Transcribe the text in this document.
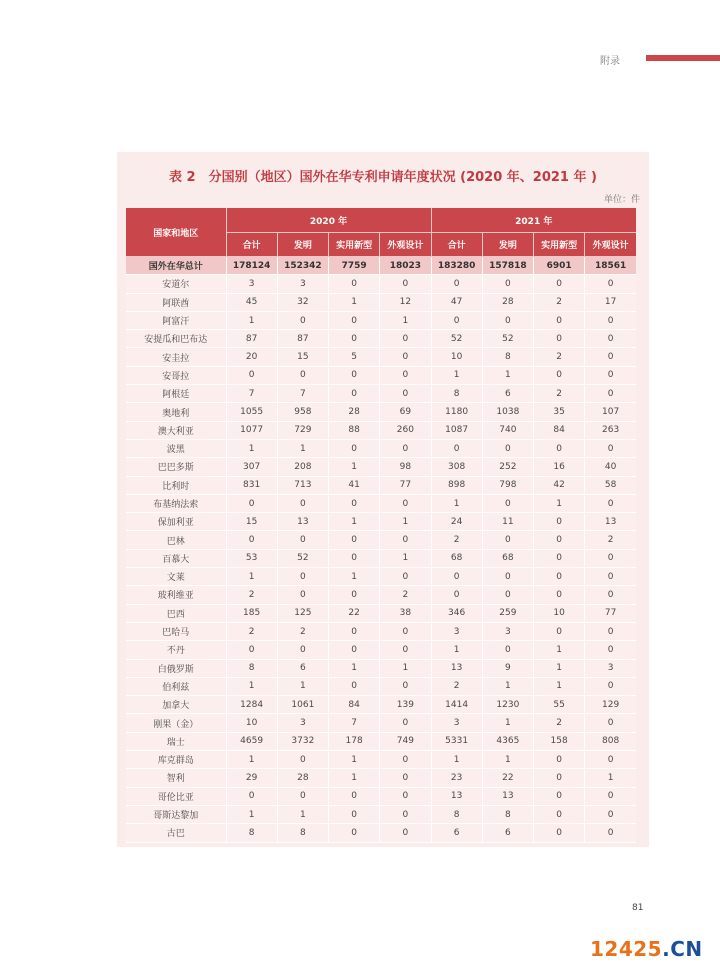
附录
表 2　分国别（地区）国外在华专利申请年度状况 (2020 年、2021 年 )
单位：件
国家和地区	2020 年				2021 年			
	合计	发明	实用新型	外观设计	合计	发明	实用新型	外观设计
国外在华总计	178124	152342	7759	18023	183280	157818	6901	18561
安道尔	3	3	0	0	0	0	0	0
阿联酋	45	32	1	12	47	28	2	17
阿富汗	1	0	0	1	0	0	0	0
安提瓜和巴布达	87	87	0	0	52	52	0	0
安圭拉	20	15	5	0	10	8	2	0
安哥拉	0	0	0	0	1	1	0	0
阿根廷	7	7	0	0	8	6	2	0
奥地利	1055	958	28	69	1180	1038	35	107
澳大利亚	1077	729	88	260	1087	740	84	263
波黑	1	1	0	0	0	0	0	0
巴巴多斯	307	208	1	98	308	252	16	40
比利时	831	713	41	77	898	798	42	58
布基纳法索	0	0	0	0	1	0	1	0
保加利亚	15	13	1	1	24	11	0	13
巴林	0	0	0	0	2	0	0	2
百慕大	53	52	0	1	68	68	0	0
文莱	1	0	1	0	0	0	0	0
玻利维亚	2	0	0	2	0	0	0	0
巴西	185	125	22	38	346	259	10	77
巴哈马	2	2	0	0	3	3	0	0
不丹	0	0	0	0	1	0	1	0
白俄罗斯	8	6	1	1	13	9	1	3
伯利兹	1	1	0	0	2	1	1	0
加拿大	1284	1061	84	139	1414	1230	55	129
刚果（金）	10	3	7	0	3	1	2	0
瑞士	4659	3732	178	749	5331	4365	158	808
库克群岛	1	0	1	0	1	1	0	0
智利	29	28	1	0	23	22	0	1
哥伦比亚	0	0	0	0	13	13	0	0
哥斯达黎加	1	1	0	0	8	8	0	0
古巴	8	8	0	0	6	6	0	0
81
12425.CN
